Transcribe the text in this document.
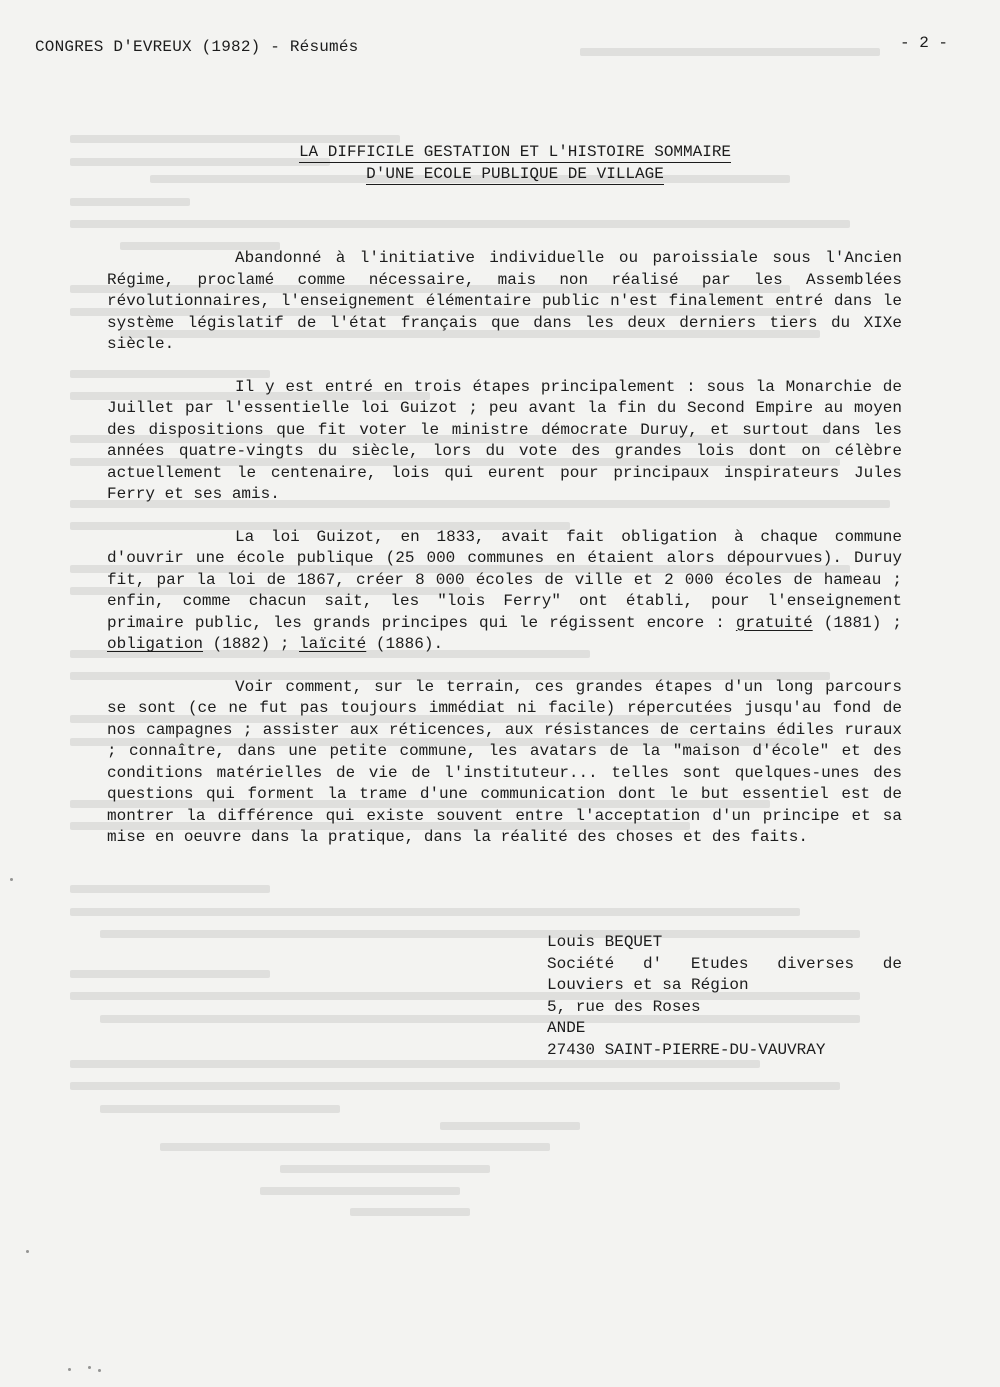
CONGRES D'EVREUX (1982) - Résumés	- 2 -
LA DIFFICILE GESTATION ET L'HISTOIRE SOMMAIRE
D'UNE ECOLE PUBLIQUE DE VILLAGE

Abandonné à l'initiative individuelle ou paroissiale sous l'Ancien Régime, proclamé comme nécessaire, mais non réalisé par les Assemblées révolutionnaires, l'enseignement élémentaire public n'est finalement entré dans le système législatif de l'état français que dans les deux derniers tiers du XIXe siècle.

Il y est entré en trois étapes principalement : sous la Monarchie de Juillet par l'essentielle loi Guizot ; peu avant la fin du Second Empire au moyen des dispositions que fit voter le ministre démocrate Duruy, et surtout dans les années quatre-vingts du siècle, lors du vote des grandes lois dont on célèbre actuellement le centenaire, lois qui eurent pour principaux inspirateurs Jules Ferry et ses amis.

La loi Guizot, en 1833, avait fait obligation à chaque commune d'ouvrir une école publique (25 000 communes en étaient alors dépourvues). Duruy fit, par la loi de 1867, créer 8 000 écoles de ville et 2 000 écoles de hameau ; enfin, comme chacun sait, les "lois Ferry" ont établi, pour l'enseignement primaire public, les grands principes qui le régissent encore : gratuité (1881) ; obligation (1882) ; laïcité (1886).

Voir comment, sur le terrain, ces grandes étapes d'un long parcours se sont (ce ne fut pas toujours immédiat ni facile) répercutées jusqu'au fond de nos campagnes ; assister aux réticences, aux résistances de certains édiles ruraux ; connaître, dans une petite commune, les avatars de la "maison d'école" et des conditions matérielles de vie de l'instituteur... telles sont quelques-unes des questions qui forment la trame d'une communication dont le but essentiel est de montrer la différence qui existe souvent entre l'acceptation d'un principe et sa mise en oeuvre dans la pratique, dans la réalité des choses et des faits.

Louis BEQUET
Société d' Etudes diverses de
Louviers et sa Région
5, rue des Roses
ANDE
27430 SAINT-PIERRE-DU-VAUVRAY
